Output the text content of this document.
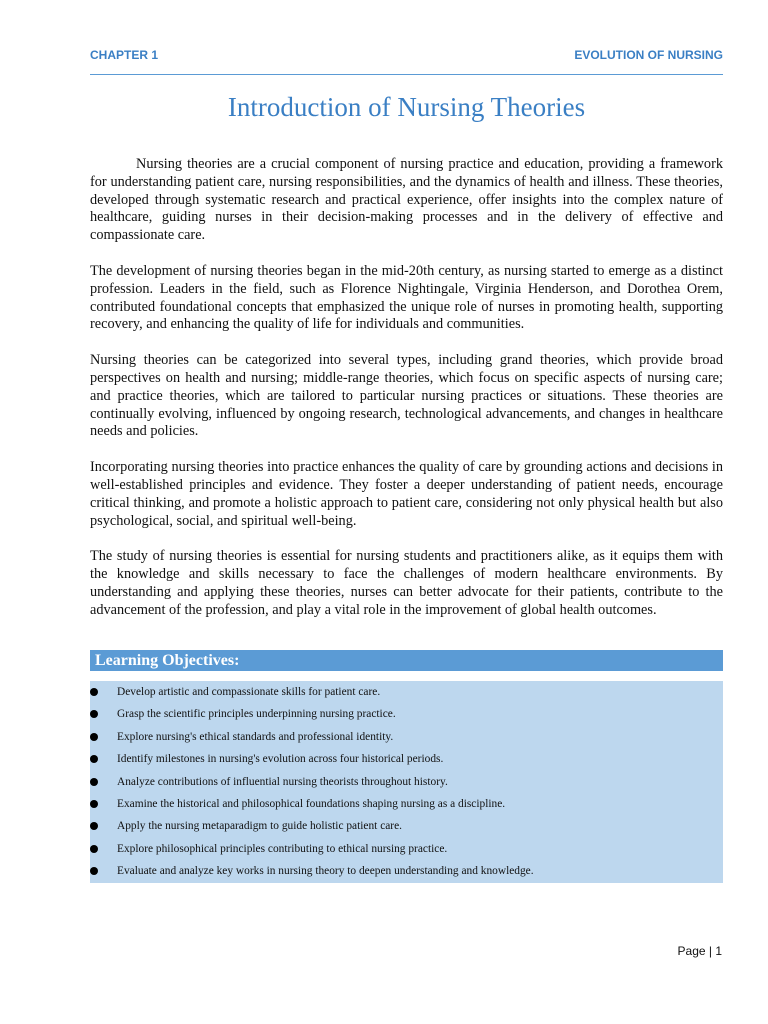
CHAPTER 1	EVOLUTION OF NURSING
Introduction of Nursing Theories

Nursing theories are a crucial component of nursing practice and education, providing a framework for understanding patient care, nursing responsibilities, and the dynamics of health and illness. These theories, developed through systematic research and practical experience, offer insights into the complex nature of healthcare, guiding nurses in their decision-making processes and in the delivery of effective and compassionate care.

The development of nursing theories began in the mid-20th century, as nursing started to emerge as a distinct profession. Leaders in the field, such as Florence Nightingale, Virginia Henderson, and Dorothea Orem, contributed foundational concepts that emphasized the unique role of nurses in promoting health, supporting recovery, and enhancing the quality of life for individuals and communities.

Nursing theories can be categorized into several types, including grand theories, which provide broad perspectives on health and nursing; middle-range theories, which focus on specific aspects of nursing care; and practice theories, which are tailored to particular nursing practices or situations. These theories are continually evolving, influenced by ongoing research, technological advancements, and changes in healthcare needs and policies.

Incorporating nursing theories into practice enhances the quality of care by grounding actions and decisions in well-established principles and evidence. They foster a deeper understanding of patient needs, encourage critical thinking, and promote a holistic approach to patient care, considering not only physical health but also psychological, social, and spiritual well-being.

The study of nursing theories is essential for nursing students and practitioners alike, as it equips them with the knowledge and skills necessary to face the challenges of modern healthcare environments. By understanding and applying these theories, nurses can better advocate for their patients, contribute to the advancement of the profession, and play a vital role in the improvement of global health outcomes.

Learning Objectives:
Develop artistic and compassionate skills for patient care.
Grasp the scientific principles underpinning nursing practice.
Explore nursing's ethical standards and professional identity.
Identify milestones in nursing's evolution across four historical periods.
Analyze contributions of influential nursing theorists throughout history.
Examine the historical and philosophical foundations shaping nursing as a discipline.
Apply the nursing metaparadigm to guide holistic patient care.
Explore philosophical principles contributing to ethical nursing practice.
Evaluate and analyze key works in nursing theory to deepen understanding and knowledge.
Page | 1
